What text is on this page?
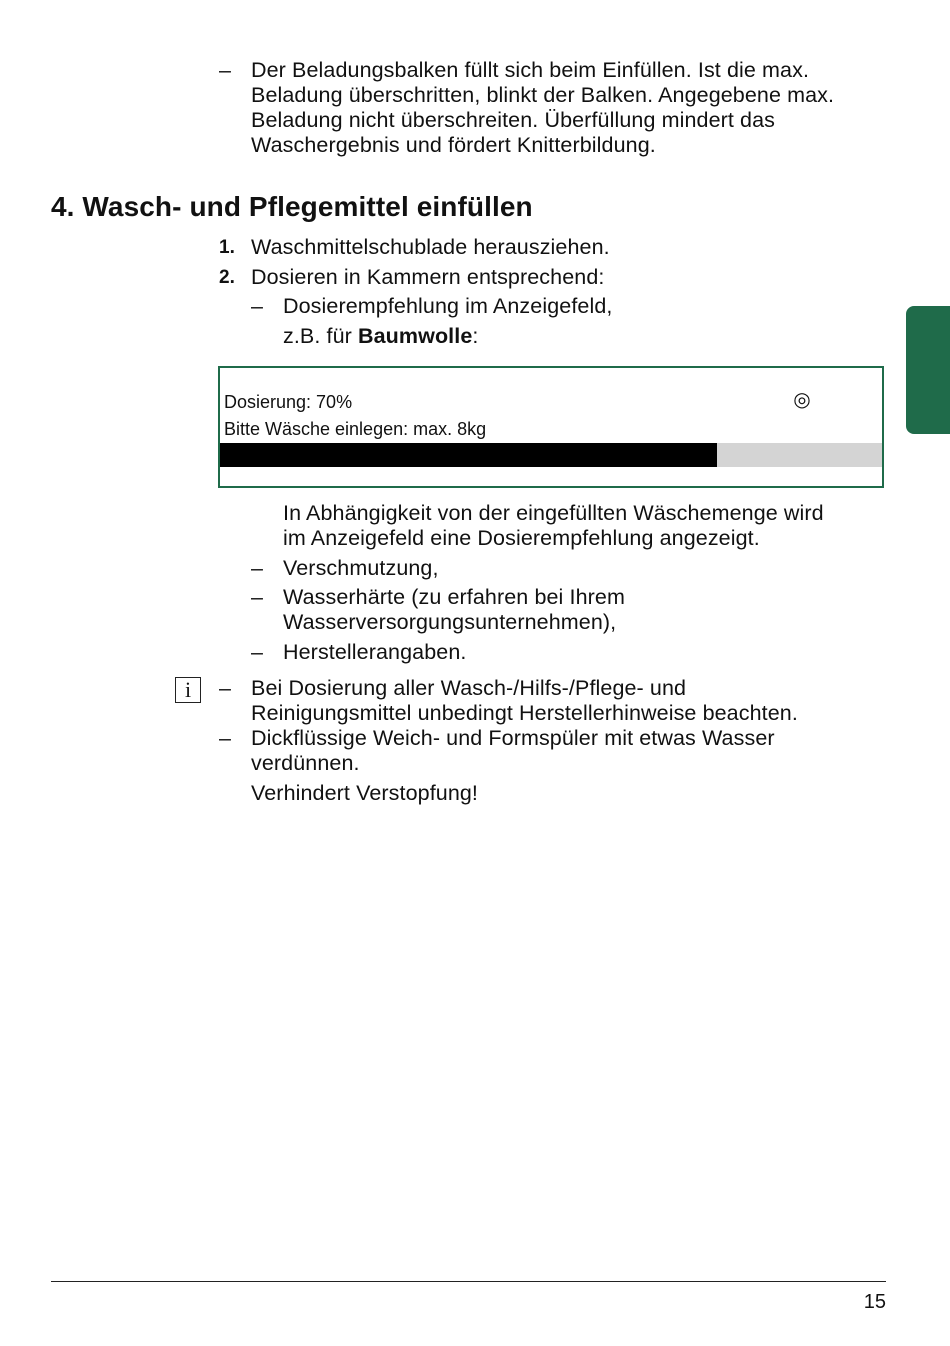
– Der Beladungsbalken füllt sich beim Einfüllen. Ist die max.
Beladung überschritten, blinkt der Balken. Angegebene max.
Beladung nicht überschreiten. Überfüllung mindert das
Waschergebnis und fördert Knitterbildung.
4. Wasch- und Pflegemittel einfüllen
1. Waschmittelschublade herausziehen.
2. Dosieren in Kammern entsprechend:
– Dosierempfehlung im Anzeigefeld,
z.B. für Baumwolle:
Dosierung: 70%
Bitte Wäsche einlegen: max. 8kg
◎
In Abhängigkeit von der eingefüllten Wäschemenge wird
im Anzeigefeld eine Dosierempfehlung angezeigt.
– Verschmutzung,
– Wasserhärte (zu erfahren bei Ihrem
Wasserversorgungsunternehmen),
– Herstellerangaben.
i	– Bei Dosierung aller Wasch-/Hilfs-/Pflege- und
Reinigungsmittel unbedingt Herstellerhinweise beachten.
– Dickflüssige Weich- und Formspüler mit etwas Wasser
verdünnen.
Verhindert Verstopfung!
15
